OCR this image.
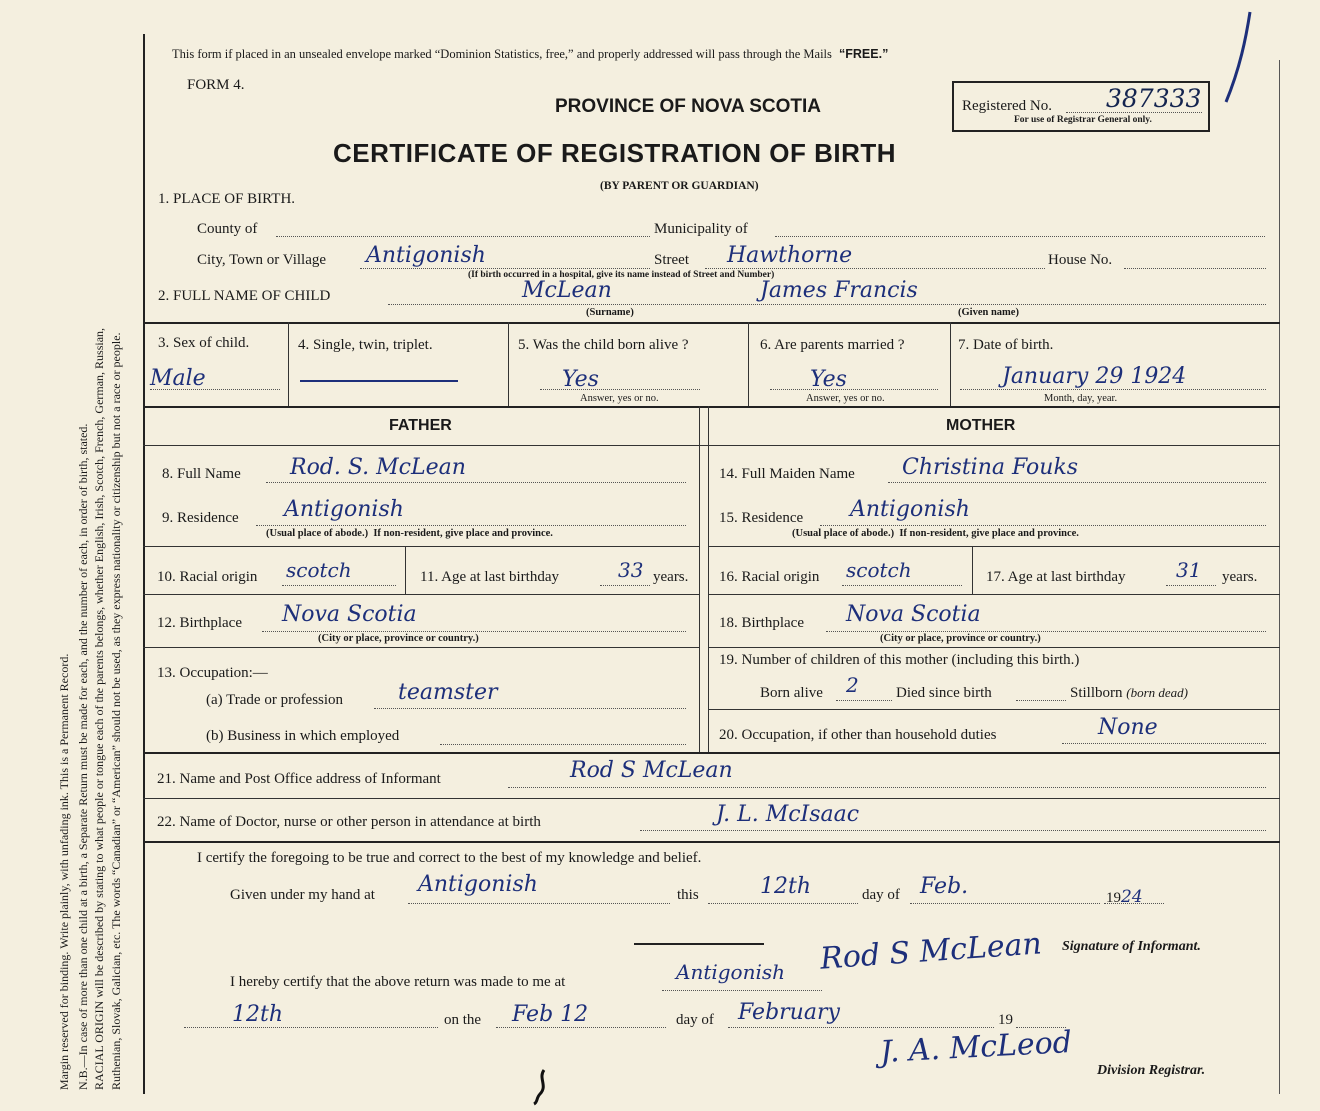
Margin reserved for binding. Write plainly, with unfading ink. This is a Permanent Record. N.B.—In case of more than one child at a birth, a Separate Return must be made for each, and the number of each, in order of birth, stated. RACIAL ORIGIN will be described by stating to what people or tongue each of the parents belongs, whether English, Irish, Scotch, French, German, Russian, Ruthenian, Slovak, Galician, etc. The words “Canadian” or “American” should not be used, as they express nationality or citizenship but not a race or people.
This form if placed in an unsealed envelope marked “Dominion Statistics, free,” and properly addressed will pass through the Mails “FREE.”
FORM 4.
PROVINCE OF NOVA SCOTIA
CERTIFICATE OF REGISTRATION OF BIRTH
(BY PARENT OR GUARDIAN)
Registered No. 387333
For use of Registrar General only.
1. PLACE OF BIRTH.
County of	Municipality of
City, Town or Village Antigonish	Street Hawthorne	House No.
(If birth occurred in a hospital, give its name instead of Street and Number)
2. FULL NAME OF CHILD	McLean	James Francis
(Surname)	(Given name)
3. Sex of child.
Male
4. Single, twin, triplet.	5. Was the child born alive ?
Yes
Answer, yes or no.
6. Are parents married ?
Yes
Answer, yes or no.
7. Date of birth.
January 29 1924
Month, day, year.
FATHER	MOTHER
8. Full Name Rod. S. McLean
9. Residence Antigonish
(Usual place of abode.) If non-resident, give place and province.
10. Racial origin scotch	11. Age at last birthday	33 years.
12. Birthplace Nova Scotia
(City or place, province or country.)
13. Occupation:—
(a) Trade or profession teamster
(b) Business in which employed
14. Full Maiden Name Christina Fouks
15. Residence Antigonish
(Usual place of abode.) If non-resident, give place and province.
16. Racial origin scotch	17. Age at last birthday	31 years.
18. Birthplace Nova Scotia
(City or place, province or country.)
19. Number of children of this mother (including this birth.)
Born alive 2 Died since birth	Stillborn (born dead)
20. Occupation, if other than household duties	None
21. Name and Post Office address of Informant	Rod S McLean
22. Name of Doctor, nurse or other person in attendance at birth	J. L. McIsaac
I certify the foregoing to be true and correct to the best of my knowledge and belief.
Given under my hand at Antigonish	this	12th	day of Feb.	1924
Rod S McLean Signature of Informant.
I hereby certify that the above return was made to me at	Antigonish
12th	on the Feb 12	day of February	19
J. A. McLeod
Division Registrar.
